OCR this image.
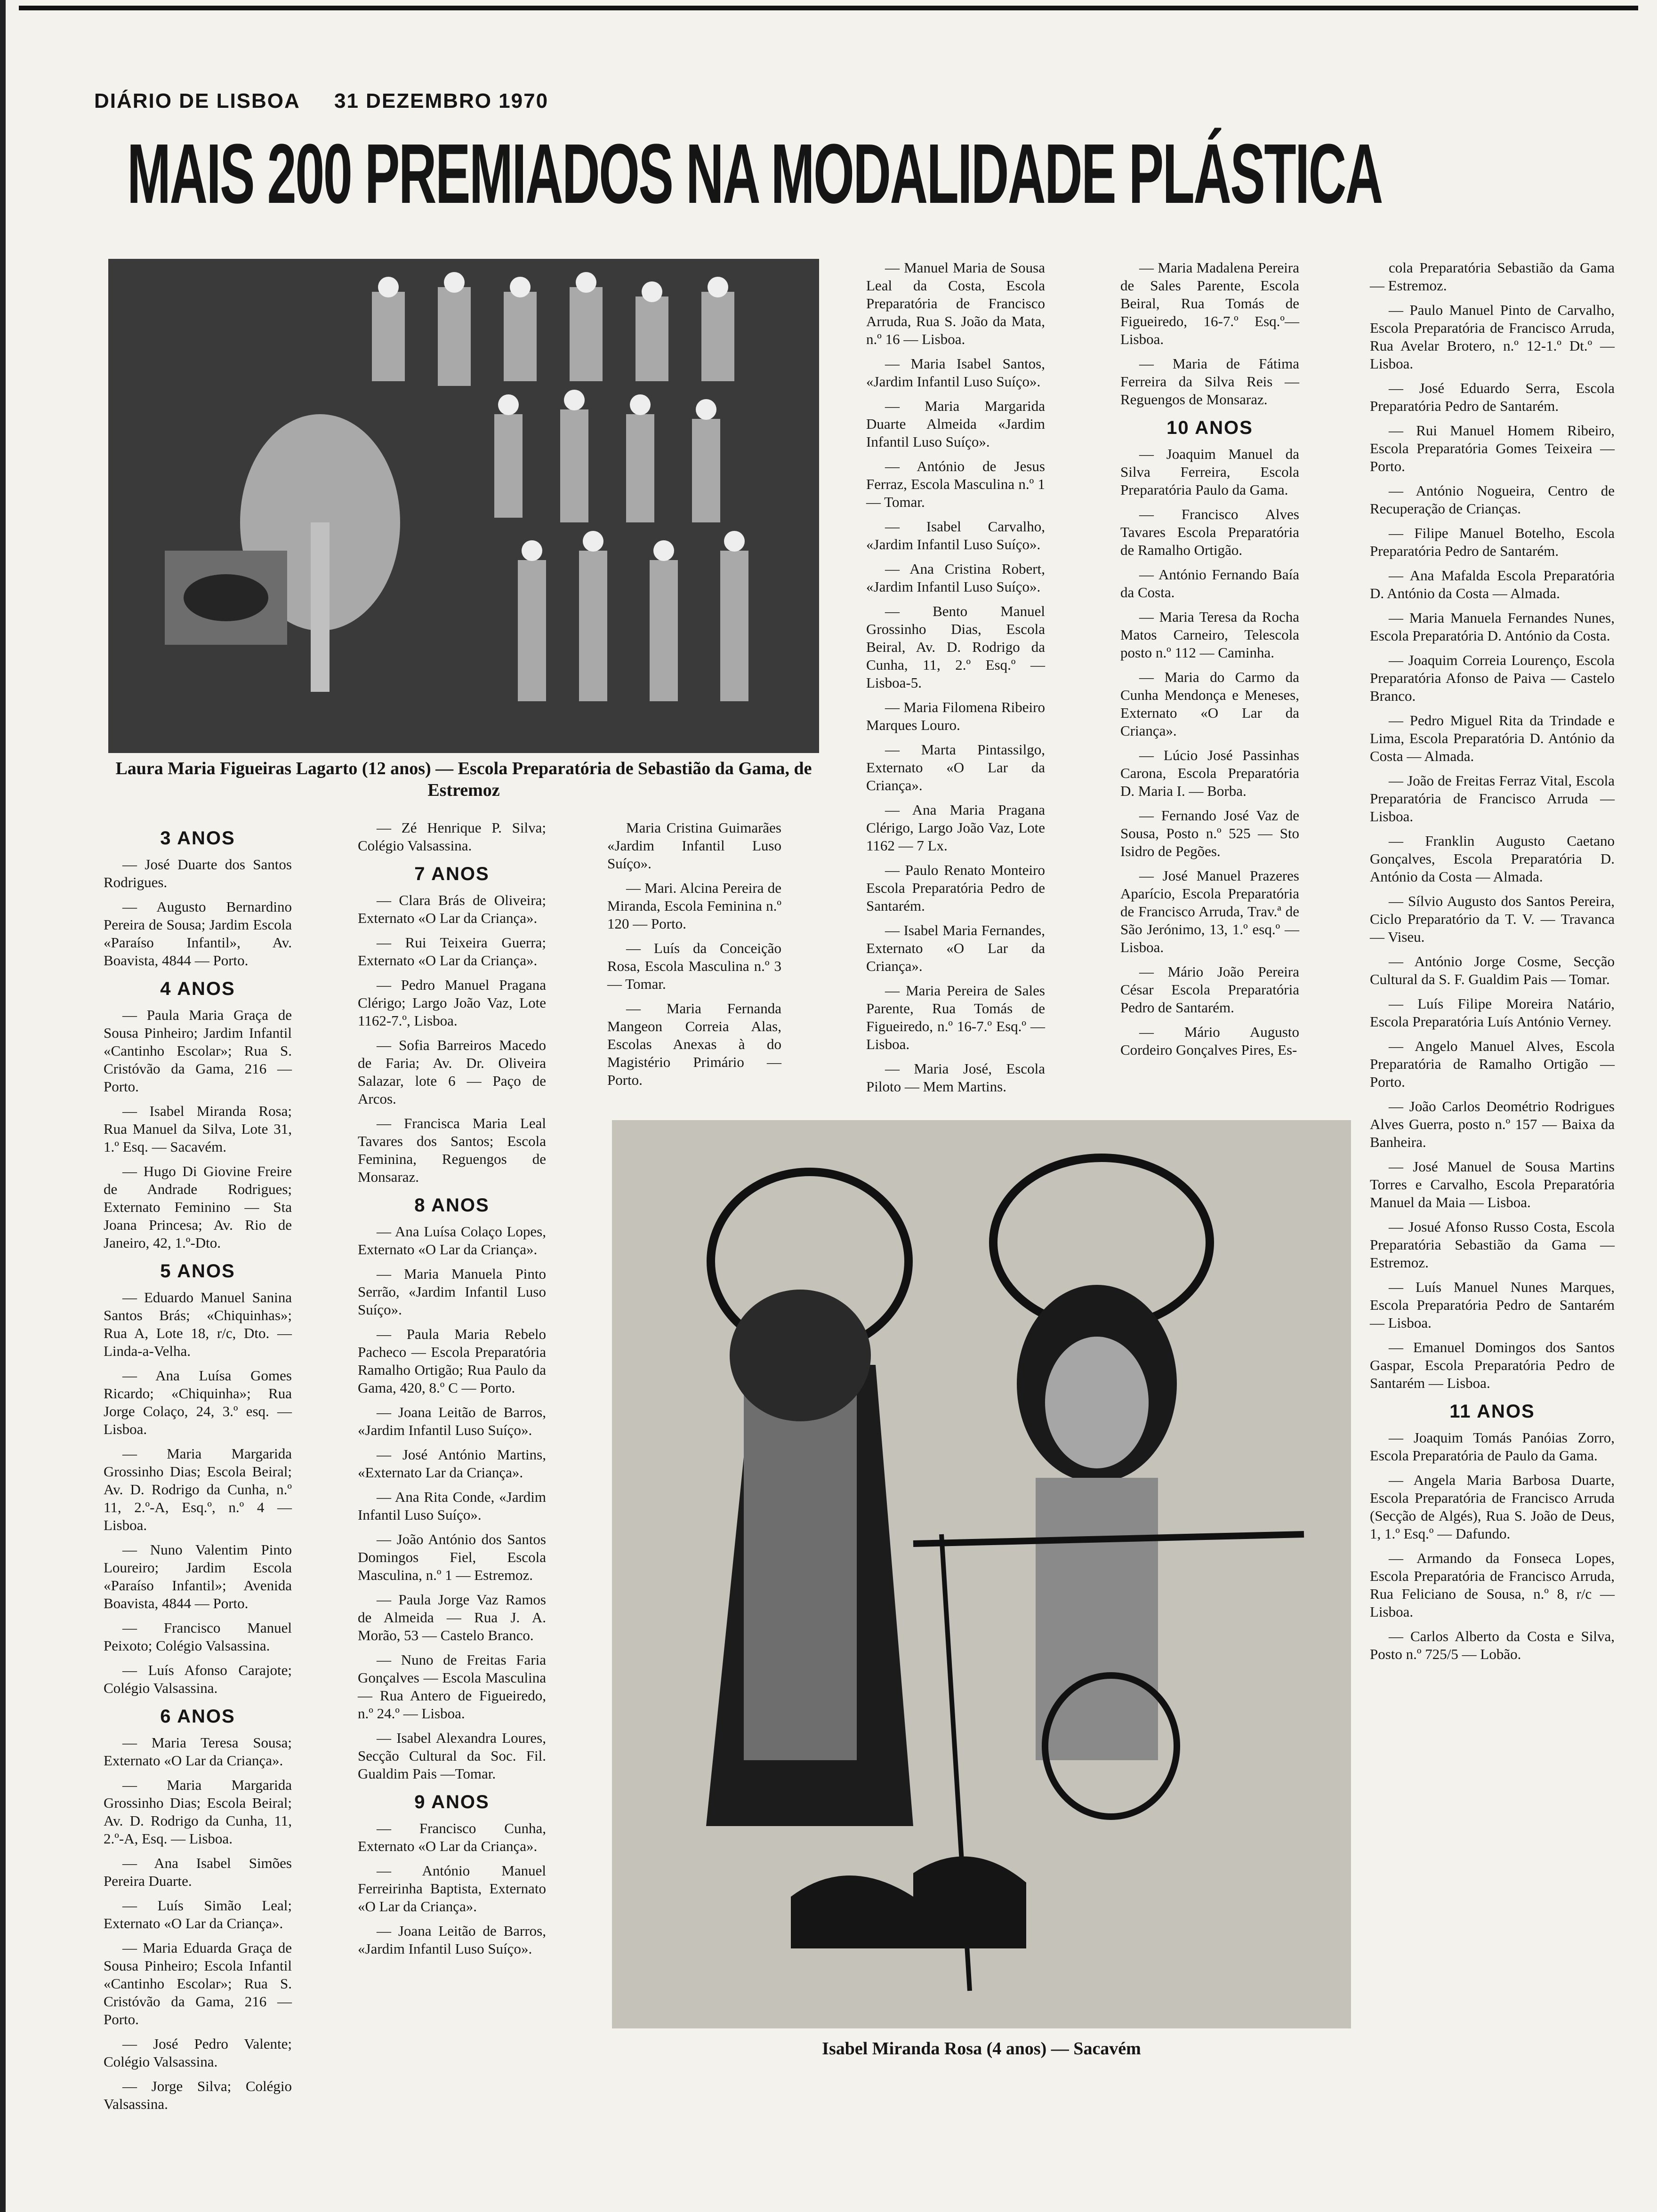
DIÁRIO DE LISBOA 31 DEZEMBRO 1970
MAIS 200 PREMIADOS NA MODALIDADE PLÁSTICA
Laura Maria Figueiras Lagarto (12 anos) — Escola Preparatória de Sebastião da Gama, de Estremoz
Isabel Miranda Rosa (4 anos) — Sacavém
3 ANOS

— José Duarte dos Santos Rodrigues.

— Augusto Bernardino Pereira de Sousa; Jardim Escola «Paraíso Infantil», Av. Boavista, 4844 — Porto.

4 ANOS

— Paula Maria Graça de Sousa Pinheiro; Jardim Infantil «Cantinho Escolar»; Rua S. Cristóvão da Gama, 216 — Porto.

— Isabel Miranda Rosa; Rua Manuel da Silva, Lote 31, 1.º Esq. — Sacavém.

— Hugo Di Giovine Freire de Andrade Rodrigues; Externato Feminino — Sta Joana Princesa; Av. Rio de Janeiro, 42, 1.º-Dto.

5 ANOS

— Eduardo Manuel Sanina Santos Brás; «Chiquinhas»; Rua A, Lote 18, r/c, Dto. — Linda-a-Velha.

— Ana Luísa Gomes Ricardo; «Chiquinha»; Rua Jorge Colaço, 24, 3.º esq. — Lisboa.

— Maria Margarida Grossinho Dias; Escola Beiral; Av. D. Rodrigo da Cunha, n.º 11, 2.º-A, Esq.º, n.º 4 — Lisboa.

— Nuno Valentim Pinto Loureiro; Jardim Escola «Paraíso Infantil»; Avenida Boavista, 4844 — Porto.

— Francisco Manuel Peixoto; Colégio Valsassina.

— Luís Afonso Carajote; Colégio Valsassina.

6 ANOS

— Maria Teresa Sousa; Externato «O Lar da Criança».

— Maria Margarida Grossinho Dias; Escola Beiral; Av. D. Rodrigo da Cunha, 11, 2.º-A, Esq. — Lisboa.

— Ana Isabel Simões Pereira Duarte.

— Luís Simão Leal; Externato «O Lar da Criança».

— Maria Eduarda Graça de Sousa Pinheiro; Escola Infantil «Cantinho Escolar»; Rua S. Cristóvão da Gama, 216 — Porto.

— José Pedro Valente; Colégio Valsassina.

— Jorge Silva; Colégio Valsassina.

— Zé Henrique P. Silva; Colégio Valsassina.

7 ANOS

— Clara Brás de Oliveira; Externato «O Lar da Criança».

— Rui Teixeira Guerra; Externato «O Lar da Criança».

— Pedro Manuel Pragana Clérigo; Largo João Vaz, Lote 1162-7.º, Lisboa.

— Sofia Barreiros Macedo de Faria; Av. Dr. Oliveira Salazar, lote 6 — Paço de Arcos.

— Francisca Maria Leal Tavares dos Santos; Escola Feminina, Reguengos de Monsaraz.

8 ANOS

— Ana Luísa Colaço Lopes, Externato «O Lar da Criança».

— Maria Manuela Pinto Serrão, «Jardim Infantil Luso Suíço».

— Paula Maria Rebelo Pacheco — Escola Preparatória Ramalho Ortigão; Rua Paulo da Gama, 420, 8.º C — Porto.

— Joana Leitão de Barros, «Jardim Infantil Luso Suíço».

— José António Martins, «Externato Lar da Criança».

— Ana Rita Conde, «Jardim Infantil Luso Suíço».

— João António dos Santos Domingos Fiel, Escola Masculina, n.º 1 — Estremoz.

— Paula Jorge Vaz Ramos de Almeida — Rua J. A. Morão, 53 — Castelo Branco.

— Nuno de Freitas Faria Gonçalves — Escola Masculina — Rua Antero de Figueiredo, n.º 24.º — Lisboa.

— Isabel Alexandra Loures, Secção Cultural da Soc. Fil. Gualdim Pais —Tomar.

9 ANOS

— Francisco Cunha, Externato «O Lar da Criança».

— António Manuel Ferreirinha Baptista, Externato «O Lar da Criança».

— Joana Leitão de Barros, «Jardim Infantil Luso Suíço».

Maria Cristina Guimarães «Jardim Infantil Luso Suíço».

— Mari. Alcina Pereira de Miranda, Escola Feminina n.º 120 — Porto.

— Luís da Conceição Rosa, Escola Masculina n.º 3 — Tomar.

— Maria Fernanda Mangeon Correia Alas, Escolas Anexas à do Magistério Primário — Porto.

— Manuel Maria de Sousa Leal da Costa, Escola Preparatória de Francisco Arruda, Rua S. João da Mata, n.º 16 — Lisboa.

— Maria Isabel Santos, «Jardim Infantil Luso Suíço».

— Maria Margarida Duarte Almeida «Jardim Infantil Luso Suíço».

— António de Jesus Ferraz, Escola Masculina n.º 1 — Tomar.

— Isabel Carvalho, «Jardim Infantil Luso Suíço».

— Ana Cristina Robert, «Jardim Infantil Luso Suíço».

— Bento Manuel Grossinho Dias, Escola Beiral, Av. D. Rodrigo da Cunha, 11, 2.º Esq.º — Lisboa-5.

— Maria Filomena Ribeiro Marques Louro.

— Marta Pintassilgo, Externato «O Lar da Criança».

— Ana Maria Pragana Clérigo, Largo João Vaz, Lote 1162 — 7 Lx.

— Paulo Renato Monteiro Escola Preparatória Pedro de Santarém.

— Isabel Maria Fernandes, Externato «O Lar da Criança».

— Maria Pereira de Sales Parente, Rua Tomás de Figueiredo, n.º 16-7.º Esq.º — Lisboa.

— Maria José, Escola Piloto — Mem Martins.

— Maria Madalena Pereira de Sales Parente, Escola Beiral, Rua Tomás de Figueiredo, 16-7.º Esq.º— Lisboa.

— Maria de Fátima Ferreira da Silva Reis — Reguengos de Monsaraz.

10 ANOS

— Joaquim Manuel da Silva Ferreira, Escola Preparatória Paulo da Gama.

— Francisco Alves Tavares Escola Preparatória de Ramalho Ortigão.

— António Fernando Baía da Costa.

— Maria Teresa da Rocha Matos Carneiro, Telescola posto n.º 112 — Caminha.

— Maria do Carmo da Cunha Mendonça e Meneses, Externato «O Lar da Criança».

— Lúcio José Passinhas Carona, Escola Preparatória D. Maria I. — Borba.

— Fernando José Vaz de Sousa, Posto n.º 525 — Sto Isidro de Pegões.

— José Manuel Prazeres Aparício, Escola Preparatória de Francisco Arruda, Trav.ª de São Jerónimo, 13, 1.º esq.º — Lisboa.

— Mário João Pereira César Escola Preparatória Pedro de Santarém.

— Mário Augusto Cordeiro Gonçalves Pires, Es-

cola Preparatória Sebastião da Gama — Estremoz.

— Paulo Manuel Pinto de Carvalho, Escola Preparatória de Francisco Arruda, Rua Avelar Brotero, n.º 12-1.º Dt.º — Lisboa.

— José Eduardo Serra, Escola Preparatória Pedro de Santarém.

— Rui Manuel Homem Ribeiro, Escola Preparatória Gomes Teixeira — Porto.

— António Nogueira, Centro de Recuperação de Crianças.

— Filipe Manuel Botelho, Escola Preparatória Pedro de Santarém.

— Ana Mafalda Escola Preparatória D. António da Costa — Almada.

— Maria Manuela Fernandes Nunes, Escola Preparatória D. António da Costa.

— Joaquim Correia Lourenço, Escola Preparatória Afonso de Paiva — Castelo Branco.

— Pedro Miguel Rita da Trindade e Lima, Escola Preparatória D. António da Costa — Almada.

— João de Freitas Ferraz Vital, Escola Preparatória de Francisco Arruda — Lisboa.

— Franklin Augusto Caetano Gonçalves, Escola Preparatória D. António da Costa — Almada.

— Sílvio Augusto dos Santos Pereira, Ciclo Preparatório da T. V. — Travanca — Viseu.

— António Jorge Cosme, Secção Cultural da S. F. Gualdim Pais — Tomar.

— Luís Filipe Moreira Natário, Escola Preparatória Luís António Verney.

— Angelo Manuel Alves, Escola Preparatória de Ramalho Ortigão — Porto.

— João Carlos Deométrio Rodrigues Alves Guerra, posto n.º 157 — Baixa da Banheira.

— José Manuel de Sousa Martins Torres e Carvalho, Escola Preparatória Manuel da Maia — Lisboa.

— Josué Afonso Russo Costa, Escola Preparatória Sebastião da Gama — Estremoz.

— Luís Manuel Nunes Marques, Escola Preparatória Pedro de Santarém — Lisboa.

— Emanuel Domingos dos Santos Gaspar, Escola Preparatória Pedro de Santarém — Lisboa.

11 ANOS

— Joaquim Tomás Panóias Zorro, Escola Preparatória de Paulo da Gama.

— Angela Maria Barbosa Duarte, Escola Preparatória de Francisco Arruda (Secção de Algés), Rua S. João de Deus, 1, 1.º Esq.º — Dafundo.

— Armando da Fonseca Lopes, Escola Preparatória de Francisco Arruda, Rua Feliciano de Sousa, n.º 8, r/c — Lisboa.

— Carlos Alberto da Costa e Silva, Posto n.º 725/5 — Lobão.
